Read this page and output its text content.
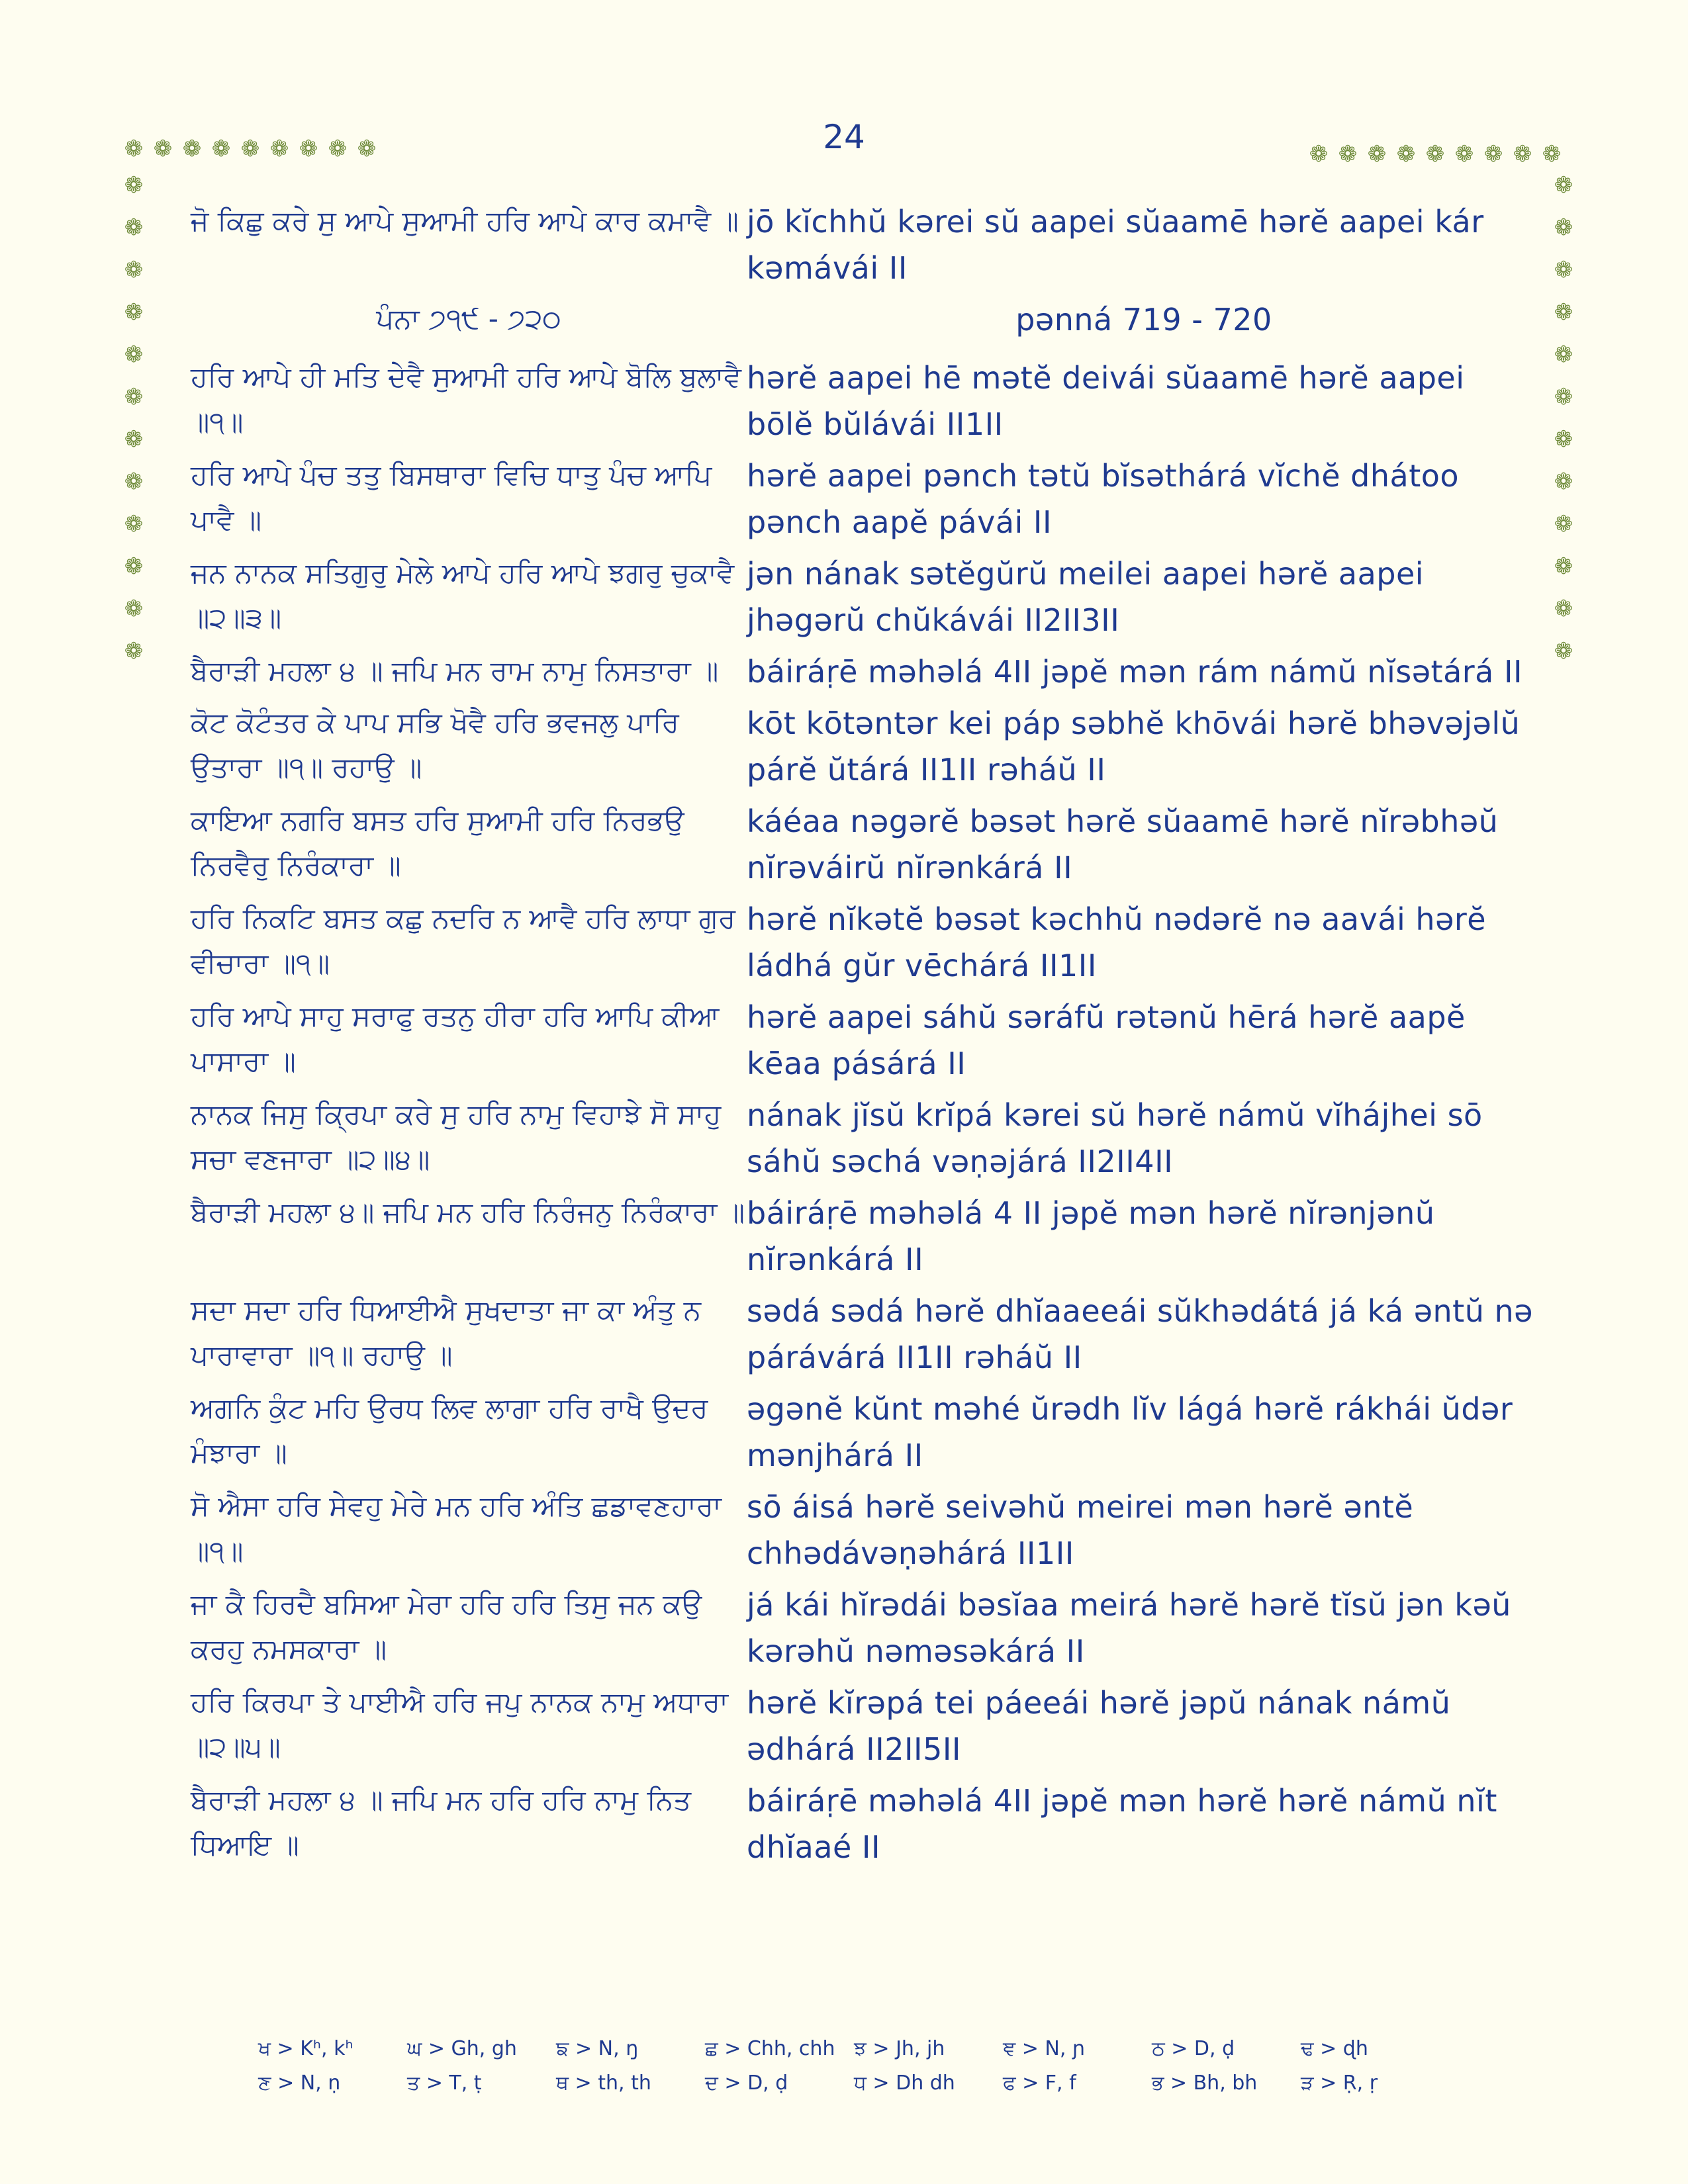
24
❁ ❁ ❁ ❁ ❁ ❁ ❁ ❁ ❁	❁ ❁ ❁ ❁ ❁ ❁ ❁ ❁ ❁
❁
❁
❁
❁
❁
❁
❁
❁
❁
❁
❁
❁
❁
❁
❁
❁
❁
❁
❁
❁
❁
❁
❁
❁
ਜੋ ਕਿਛੁ ਕਰੇ ਸੁ ਆਪੇ ਸੁਆਮੀ ਹਰਿ ਆਪੇ ਕਾਰ ਕਮਾਵੈ ॥ jō kĭchhŭ kərei sŭ aapei sŭaamē hərĕ aapei kár kəmávái II
ਪੰਨਾ ੭੧੯ - ੭੨੦	pənná 719 - 720
ਹਰਿ ਆਪੇ ਹੀ ਮਤਿ ਦੇਵੈ ਸੁਆਮੀ ਹਰਿ ਆਪੇ ਬੋਲਿ ਬੁਲਾਵੈ ॥੧॥
hərĕ aapei hē mətĕ deivái sŭaamē hərĕ aapei bōlĕ bŭlávái II1II
ਹਰਿ ਆਪੇ ਪੰਚ ਤਤੁ ਬਿਸਥਾਰਾ ਵਿਚਿ ਧਾਤੁ ਪੰਚ ਆਪਿ ਪਾਵੈ ॥
hərĕ aapei pənch tətŭ bĭsəthárá vĭchĕ dhátoo pənch aapĕ pávái II
ਜਨ ਨਾਨਕ ਸਤਿਗੁਰੁ ਮੇਲੇ ਆਪੇ ਹਰਿ ਆਪੇ ਝਗਰੁ ਚੁਕਾਵੈ ॥੨॥੩॥
jən nának sətĕgŭrŭ meilei aapei hərĕ aapei jhəgərŭ chŭkávái II2II3II
ਬੈਰਾੜੀ ਮਹਲਾ ੪ ॥ ਜਪਿ ਮਨ ਰਾਮ ਨਾਮੁ ਨਿਸਤਾਰਾ ॥ báiráṛē məhəlá 4II jəpĕ mən rám námŭ nĭsətárá II
ਕੋਟ ਕੋਟੰਤਰ ਕੇ ਪਾਪ ਸਭਿ ਖੋਵੈ ਹਰਿ ਭਵਜਲੁ ਪਾਰਿ ਉਤਾਰਾ ॥੧॥ ਰਹਾਉ ॥
kōt kōtəntər kei páp səbhĕ khōvái hərĕ bhəvəjəlŭ párĕ ŭtárá II1II rəháŭ II
ਕਾਇਆ ਨਗਰਿ ਬਸਤ ਹਰਿ ਸੁਆਮੀ ਹਰਿ ਨਿਰਭਉ ਨਿਰਵੈਰੁ ਨਿਰੰਕਾਰਾ ॥
káéaa nəgərĕ bəsət hərĕ sŭaamē hərĕ nĭrəbhəŭ nĭrəváirŭ nĭrənkárá II
ਹਰਿ ਨਿਕਟਿ ਬਸਤ ਕਛੁ ਨਦਰਿ ਨ ਆਵੈ ਹਰਿ ਲਾਧਾ ਗੁਰ ਵੀਚਾਰਾ ॥੧॥
hərĕ nĭkətĕ bəsət kəchhŭ nədərĕ nə aavái hərĕ ládhá gŭr vēchárá II1II
ਹਰਿ ਆਪੇ ਸਾਹੁ ਸਰਾਫੁ ਰਤਨੁ ਹੀਰਾ ਹਰਿ ਆਪਿ ਕੀਆ ਪਾਸਾਰਾ ॥
hərĕ aapei sáhŭ səráfŭ rətənŭ hērá hərĕ aapĕ kēaa pásárá II
ਨਾਨਕ ਜਿਸੁ ਕ੍ਰਿਪਾ ਕਰੇ ਸੁ ਹਰਿ ਨਾਮੁ ਵਿਹਾਝੇ ਸੋ ਸਾਹੁ ਸਚਾ ਵਣਜਾਰਾ ॥੨॥੪॥
nának jĭsŭ krĭpá kərei sŭ hərĕ námŭ vĭhájhei sō sáhŭ səchá vəṇəjárá II2II4II
ਬੈਰਾੜੀ ਮਹਲਾ ੪॥ ਜਪਿ ਮਨ ਹਰਿ ਨਿਰੰਜਨੁ ਨਿਰੰਕਾਰਾ ॥ báiráṛē məhəlá 4 II jəpĕ mən hərĕ nĭrənjənŭ nĭrənkárá II
ਸਦਾ ਸਦਾ ਹਰਿ ਧਿਆਈਐ ਸੁਖਦਾਤਾ ਜਾ ਕਾ ਅੰਤੁ ਨ ਪਾਰਾਵਾਰਾ ॥੧॥ ਰਹਾਉ ॥
sədá sədá hərĕ dhĭaaeeái sŭkhədátá já ká əntŭ nə párávárá II1II rəháŭ II
ਅਗਨਿ ਕੁੰਟ ਮਹਿ ਉਰਧ ਲਿਵ ਲਾਗਾ ਹਰਿ ਰਾਖੈ ਉਦਰ ਮੰਝਾਰਾ ॥
əgənĕ kŭnt məhé ŭrədh lĭv lágá hərĕ rákhái ŭdər mənjhárá II
ਸੋ ਐਸਾ ਹਰਿ ਸੇਵਹੁ ਮੇਰੇ ਮਨ ਹਰਿ ਅੰਤਿ ਛਡਾਵਣਹਾਰਾ ॥੧॥
sō áisá hərĕ seivəhŭ meirei mən hərĕ əntĕ chhədávəṇəhárá II1II
ਜਾ ਕੈ ਹਿਰਦੈ ਬਸਿਆ ਮੇਰਾ ਹਰਿ ਹਰਿ ਤਿਸੁ ਜਨ ਕਉ ਕਰਹੁ ਨਮਸਕਾਰਾ ॥
já kái hĭrədái bəsĭaa meirá hərĕ hərĕ tĭsŭ jən kəŭ kərəhŭ nəməsəkárá II
ਹਰਿ ਕਿਰਪਾ ਤੇ ਪਾਈਐ ਹਰਿ ਜਪੁ ਨਾਨਕ ਨਾਮੁ ਅਧਾਰਾ ॥੨॥੫॥
hərĕ kĭrəpá tei páeeái hərĕ jəpŭ nának námŭ ədhárá II2II5II
ਬੈਰਾੜੀ ਮਹਲਾ ੪ ॥ ਜਪਿ ਮਨ ਹਰਿ ਹਰਿ ਨਾਮੁ ਨਿਤ ਧਿਆਇ ॥
báiráṛē məhəlá 4II jəpĕ mən hərĕ hərĕ námŭ nĭt dhĭaaé II
ਖ > Kʰ, kʰ	ਘ > Gh, gh	ਙ > N, ŋ	ਛ > Chh, chh ਝ > Jh, jh	ਞ > N, ɲ	ਠ > D, ḍ	ਢ > ɖh
ਣ > N, ṇ	ਤ > T, ṭ	ਥ > th, th	ਦ > D, ḍ	ਧ > Dh dh	ਫ > F, f	ਭ > Bh, bh	ੜ > Ṛ, ṛ
